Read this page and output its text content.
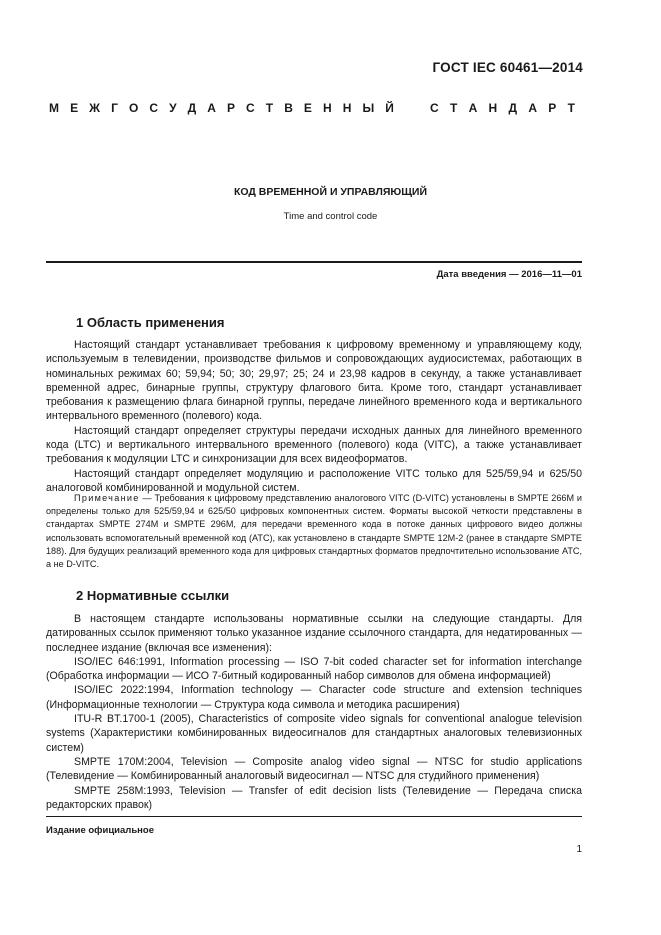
ГОСТ IEC 60461—2014
М Е Ж Г О С У Д А Р С Т В Е Н Н Ы Й	С Т А Н Д А Р Т
КОД ВРЕМЕННОЙ И УПРАВЛЯЮЩИЙ
Time and control code
Дата введения — 2016—11—01
1 Область применения

Настоящий стандарт устанавливает требования к цифровому временному и управляющему коду, используемым в телевидении, производстве фильмов и сопровождающих аудиосистемах, работающих в номинальных режимах 60; 59,94; 50; 30; 29,97; 25; 24 и 23,98 кадров в секунду, а также устанавливает временной адрес, бинарные группы, структуру флагового бита. Кроме того, стандарт устанавливает требования к размещению флага бинарной группы, передаче линейного временного кода и вертикального интервального временного (полевого) кода.

Настоящий стандарт определяет структуры передачи исходных данных для линейного временного кода (LTC) и вертикального интервального временного (полевого) кода (VITC), а также устанавливает требования к модуляции LTC и синхронизации для всех видеоформатов.

Настоящий стандарт определяет модуляцию и расположение VITC только для 525/59,94 и 625/50 аналоговой комбинированной и модульной систем.

Примечание — Требования к цифровому представлению аналогового VITC (D-VITC) установлены в SMPTE 266M и определены только для 525/59,94 и 625/50 цифровых компонентных систем. Форматы высокой четкости представлены в стандартах SMPTE 274M и SMPTE 296M, для передачи временного кода в потоке данных цифрового видео должны использовать вспомогательный временной код (ATC), как установлено в стандарте SMPTE 12M-2 (ранее в стандарте SMPTE 188). Для будущих реализаций временного кода для цифровых стандартных форматов предпочтительно использование ATC, а не D-VITC.

2 Нормативные ссылки

В настоящем стандарте использованы нормативные ссылки на следующие стандарты. Для датированных ссылок применяют только указанное издание ссылочного стандарта, для недатированных — последнее издание (включая все изменения):

ISO/IEC 646:1991, Information processing — ISO 7-bit coded character set for information interchange (Обработка информации — ИСО 7-битный кодированный набор символов для обмена информацией)

ISO/IEC 2022:1994, Information technology — Character code structure and extension techniques (Информационные технологии — Структура кода символа и методика расширения)

ITU-R BT.1700-1 (2005), Characteristics of composite video signals for conventional analogue television systems (Характеристики комбинированных видеосигналов для стандартных аналоговых телевизионных систем)

SMPTE 170M:2004, Television — Composite analog video signal — NTSC for studio applications (Телевидение — Комбинированный аналоговый видеосигнал — NTSC для студийного применения)

SMPTE 258M:1993, Television — Transfer of edit decision lists (Телевидение — Передача списка редакторских правок)

Издание официальное
1
